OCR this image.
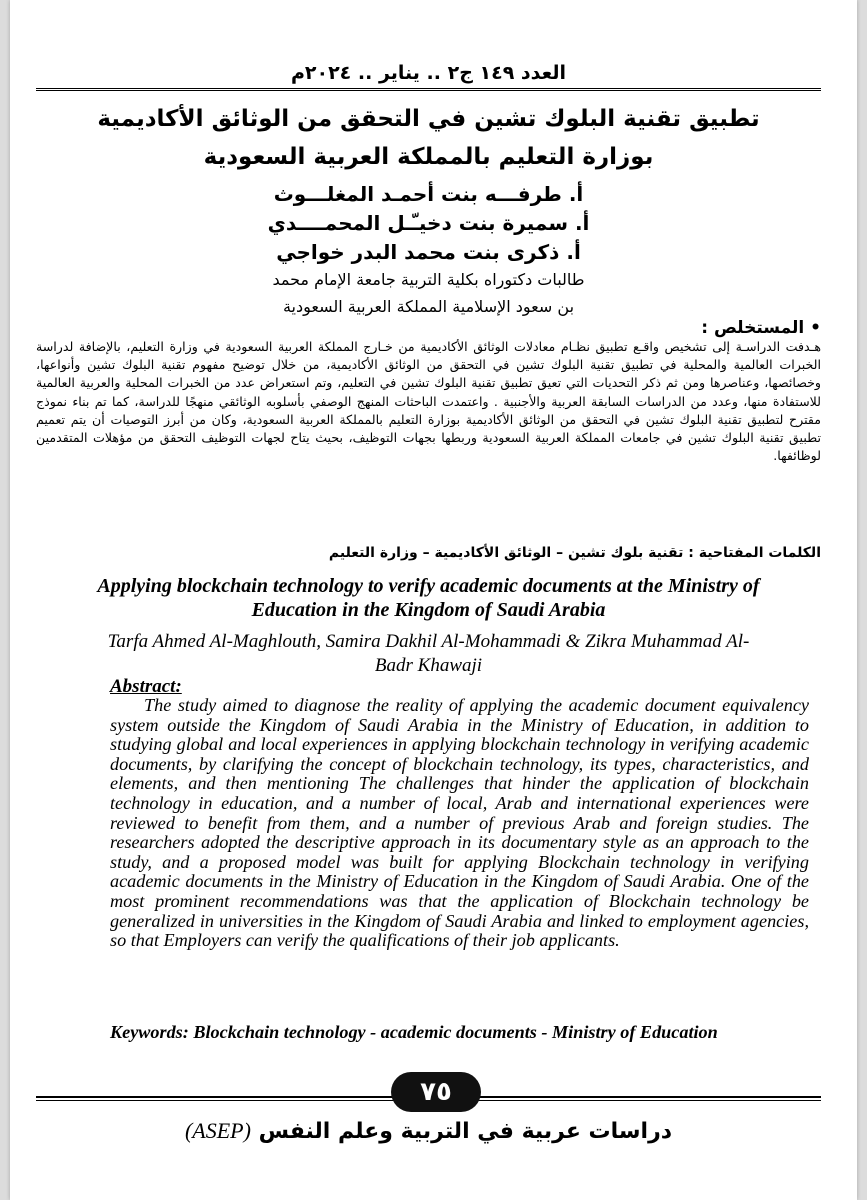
العدد ١٤٩ ج٢ .. يناير .. ٢٠٢٤م
تطبيق تقنية البلوك تشين في التحقق من الوثائق الأكاديمية بوزارة التعليم بالمملكة العربية السعودية
أ. طرفـــه بنت أحمـد المغلـــوث
أ. سميرة بنت دخيـّـل المحمــــدي
أ. ذكرى بنت محمد البدر خواجي
طالبات دكتوراه بكلية التربية جامعة الإمام محمد
بن سعود الإسلامية المملكة العربية السعودية
• المستخلص :
هـدفت الدراسـة إلى تشخيص واقـع تطبيق نظـام معادلات الوثائق الأكاديمية من خـارج المملكة العربية السعودية في وزارة التعليم، بالإضافة لدراسة الخبرات العالمية والمحلية في تطبيق تقنية البلوك تشين في التحقق من الوثائق الأكاديمية، من خلال توضيح مفهوم تقنية البلوك تشين وأنواعها، وخصائصها، وعناصرها ومن ثم ذكر التحديات التي تعيق تطبيق تقنية البلوك تشين في التعليم، وتم استعراض عدد من الخبرات المحلية والعربية العالمية للاستفادة منها، وعدد من الدراسات السابقة العربية والأجنبية . واعتمدت الباحثات المنهج الوصفي بأسلوبه الوثائقي منهجًا للدراسة، كما تم بناء نموذج مقترح لتطبيق تقنية البلوك تشين في التحقق من الوثائق الأكاديمية بوزارة التعليم بالمملكة العربية السعودية، وكان من أبرز التوصيات أن يتم تعميم تطبيق تقنية البلوك تشين في جامعات المملكة العربية السعودية وربطها بجهات التوظيف، بحيث يتاح لجهات التوظيف التحقق من مؤهلات المتقدمين لوظائفها.
الكلمات المفتاحية : تقنية بلوك تشين – الوثائق الأكاديمية – وزارة التعليم
Applying blockchain technology to verify academic documents at the Ministry of Education in the Kingdom of Saudi Arabia
Tarfa Ahmed Al-Maghlouth, Samira Dakhil Al-Mohammadi & Zikra Muhammad Al-Badr Khawaji
Abstract:
The study aimed to diagnose the reality of applying the academic document equivalency system outside the Kingdom of Saudi Arabia in the Ministry of Education, in addition to studying global and local experiences in applying blockchain technology in verifying academic documents, by clarifying the concept of blockchain technology, its types, characteristics, and elements, and then mentioning The challenges that hinder the application of blockchain technology in education, and a number of local, Arab and international experiences were reviewed to benefit from them, and a number of previous Arab and foreign studies. The researchers adopted the descriptive approach in its documentary style as an approach to the study, and a proposed model was built for applying Blockchain technology in verifying academic documents in the Ministry of Education in the Kingdom of Saudi Arabia. One of the most prominent recommendations was that the application of Blockchain technology be generalized in universities in the Kingdom of Saudi Arabia and linked to employment agencies, so that Employers can verify the qualifications of their job applicants.
Keywords: Blockchain technology - academic documents - Ministry of Education
٧٥
دراسات عربية في التربية وعلم النفس (ASEP)
